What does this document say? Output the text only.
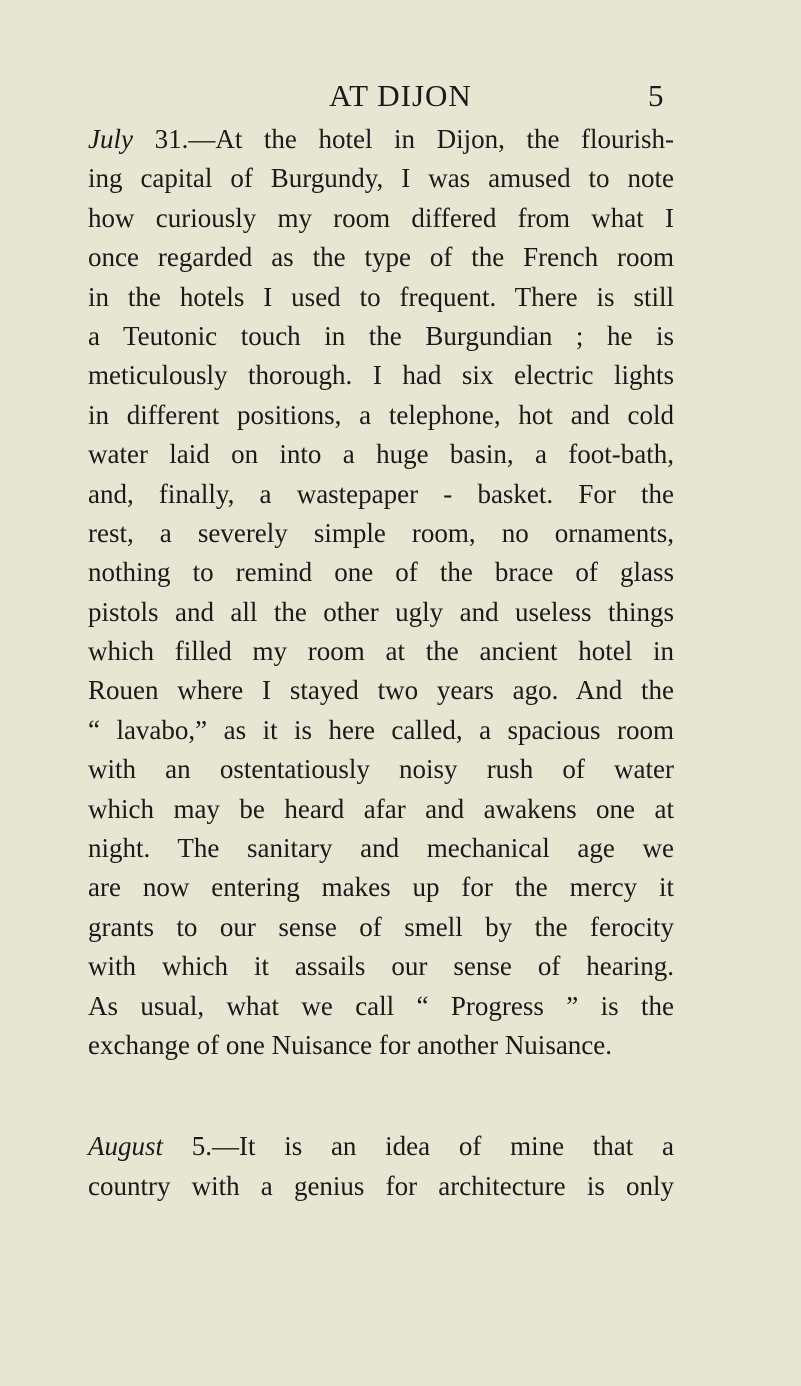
AT DIJON	5
July 31.—At the hotel in Dijon, the flourish-
ing capital of Burgundy, I was amused to note
how curiously my room differed from what I
once regarded as the type of the French room
in the hotels I used to frequent. There is still
a Teutonic touch in the Burgundian ; he is
meticulously thorough. I had six electric lights
in different positions, a telephone, hot and cold
water laid on into a huge basin, a foot-bath,
and, finally, a wastepaper - basket. For the
rest, a severely simple room, no ornaments,
nothing to remind one of the brace of glass
pistols and all the other ugly and useless things
which filled my room at the ancient hotel in
Rouen where I stayed two years ago. And the
“ lavabo,” as it is here called, a spacious room
with an ostentatiously noisy rush of water
which may be heard afar and awakens one at
night. The sanitary and mechanical age we
are now entering makes up for the mercy it
grants to our sense of smell by the ferocity
with which it assails our sense of hearing.
As usual, what we call “ Progress ” is the
exchange of one Nuisance for another Nuisance.
August 5.—It is an idea of mine that a
country with a genius for architecture is only
